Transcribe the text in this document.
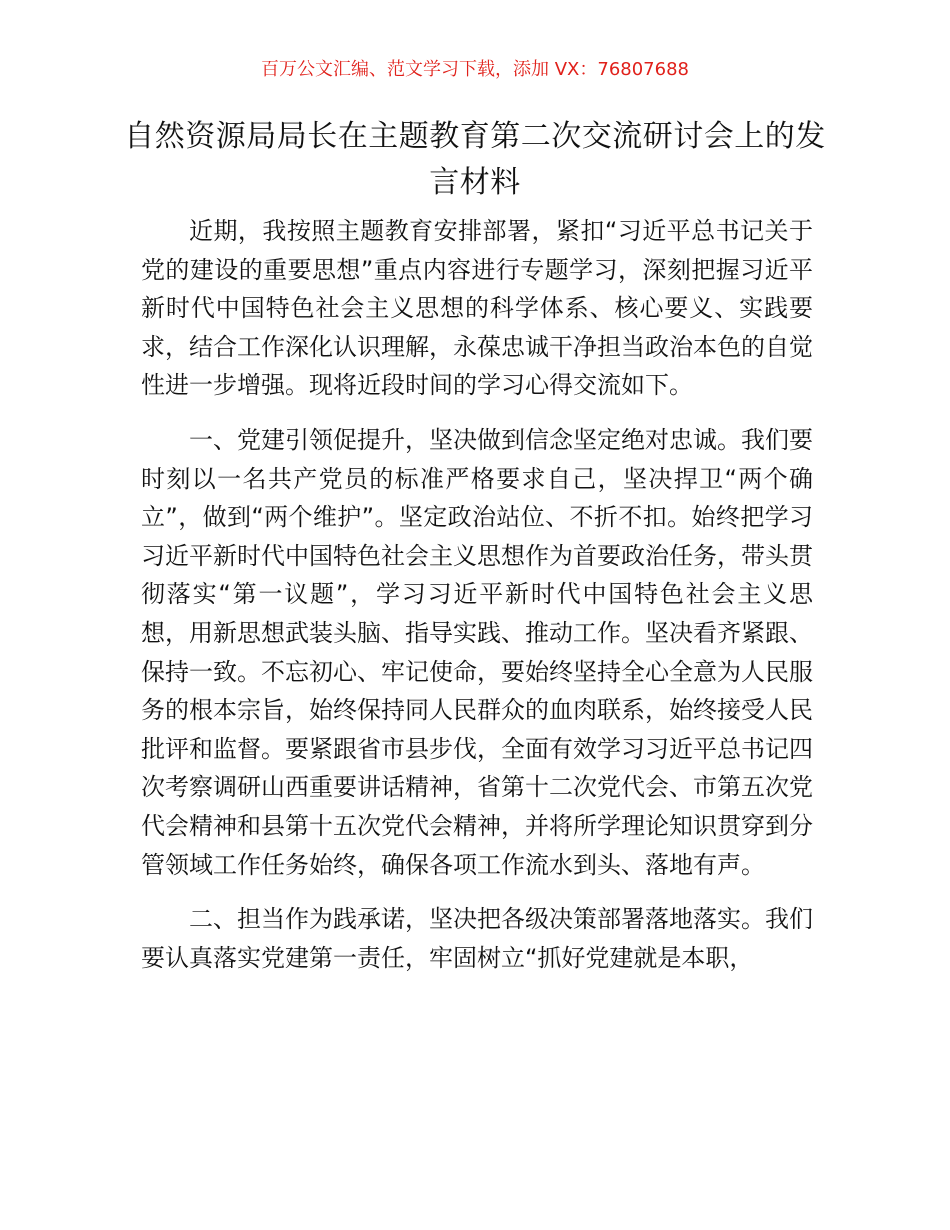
百万公文汇编、范文学习下载，添加 VX：76807688
自然资源局局长在主题教育第二次交流研讨会上的发言材料

近期，我按照主题教育安排部署，紧扣“习近平总书记关于党的建设的重要思想”重点内容进行专题学习，深刻把握习近平新时代中国特色社会主义思想的科学体系、核心要义、实践要求，结合工作深化认识理解，永葆忠诚干净担当政治本色的自觉性进一步增强。现将近段时间的学习心得交流如下。

一、党建引领促提升，坚决做到信念坚定绝对忠诚。我们要时刻以一名共产党员的标准严格要求自己，坚决捍卫“两个确立”，做到“两个维护”。坚定政治站位、不折不扣。始终把学习习近平新时代中国特色社会主义思想作为首要政治任务，带头贯彻落实“第一议题”，学习习近平新时代中国特色社会主义思想，用新思想武装头脑、指导实践、推动工作。坚决看齐紧跟、保持一致。不忘初心、牢记使命，要始终坚持全心全意为人民服务的根本宗旨，始终保持同人民群众的血肉联系，始终接受人民批评和监督。要紧跟省市县步伐，全面有效学习习近平总书记四次考察调研山西重要讲话精神，省第十二次党代会、市第五次党代会精神和县第十五次党代会精神，并将所学理论知识贯穿到分管领域工作任务始终，确保各项工作流水到头、落地有声。

二、担当作为践承诺，坚决把各级决策部署落地落实。我们要认真落实党建第一责任，牢固树立“抓好党建就是本职，
